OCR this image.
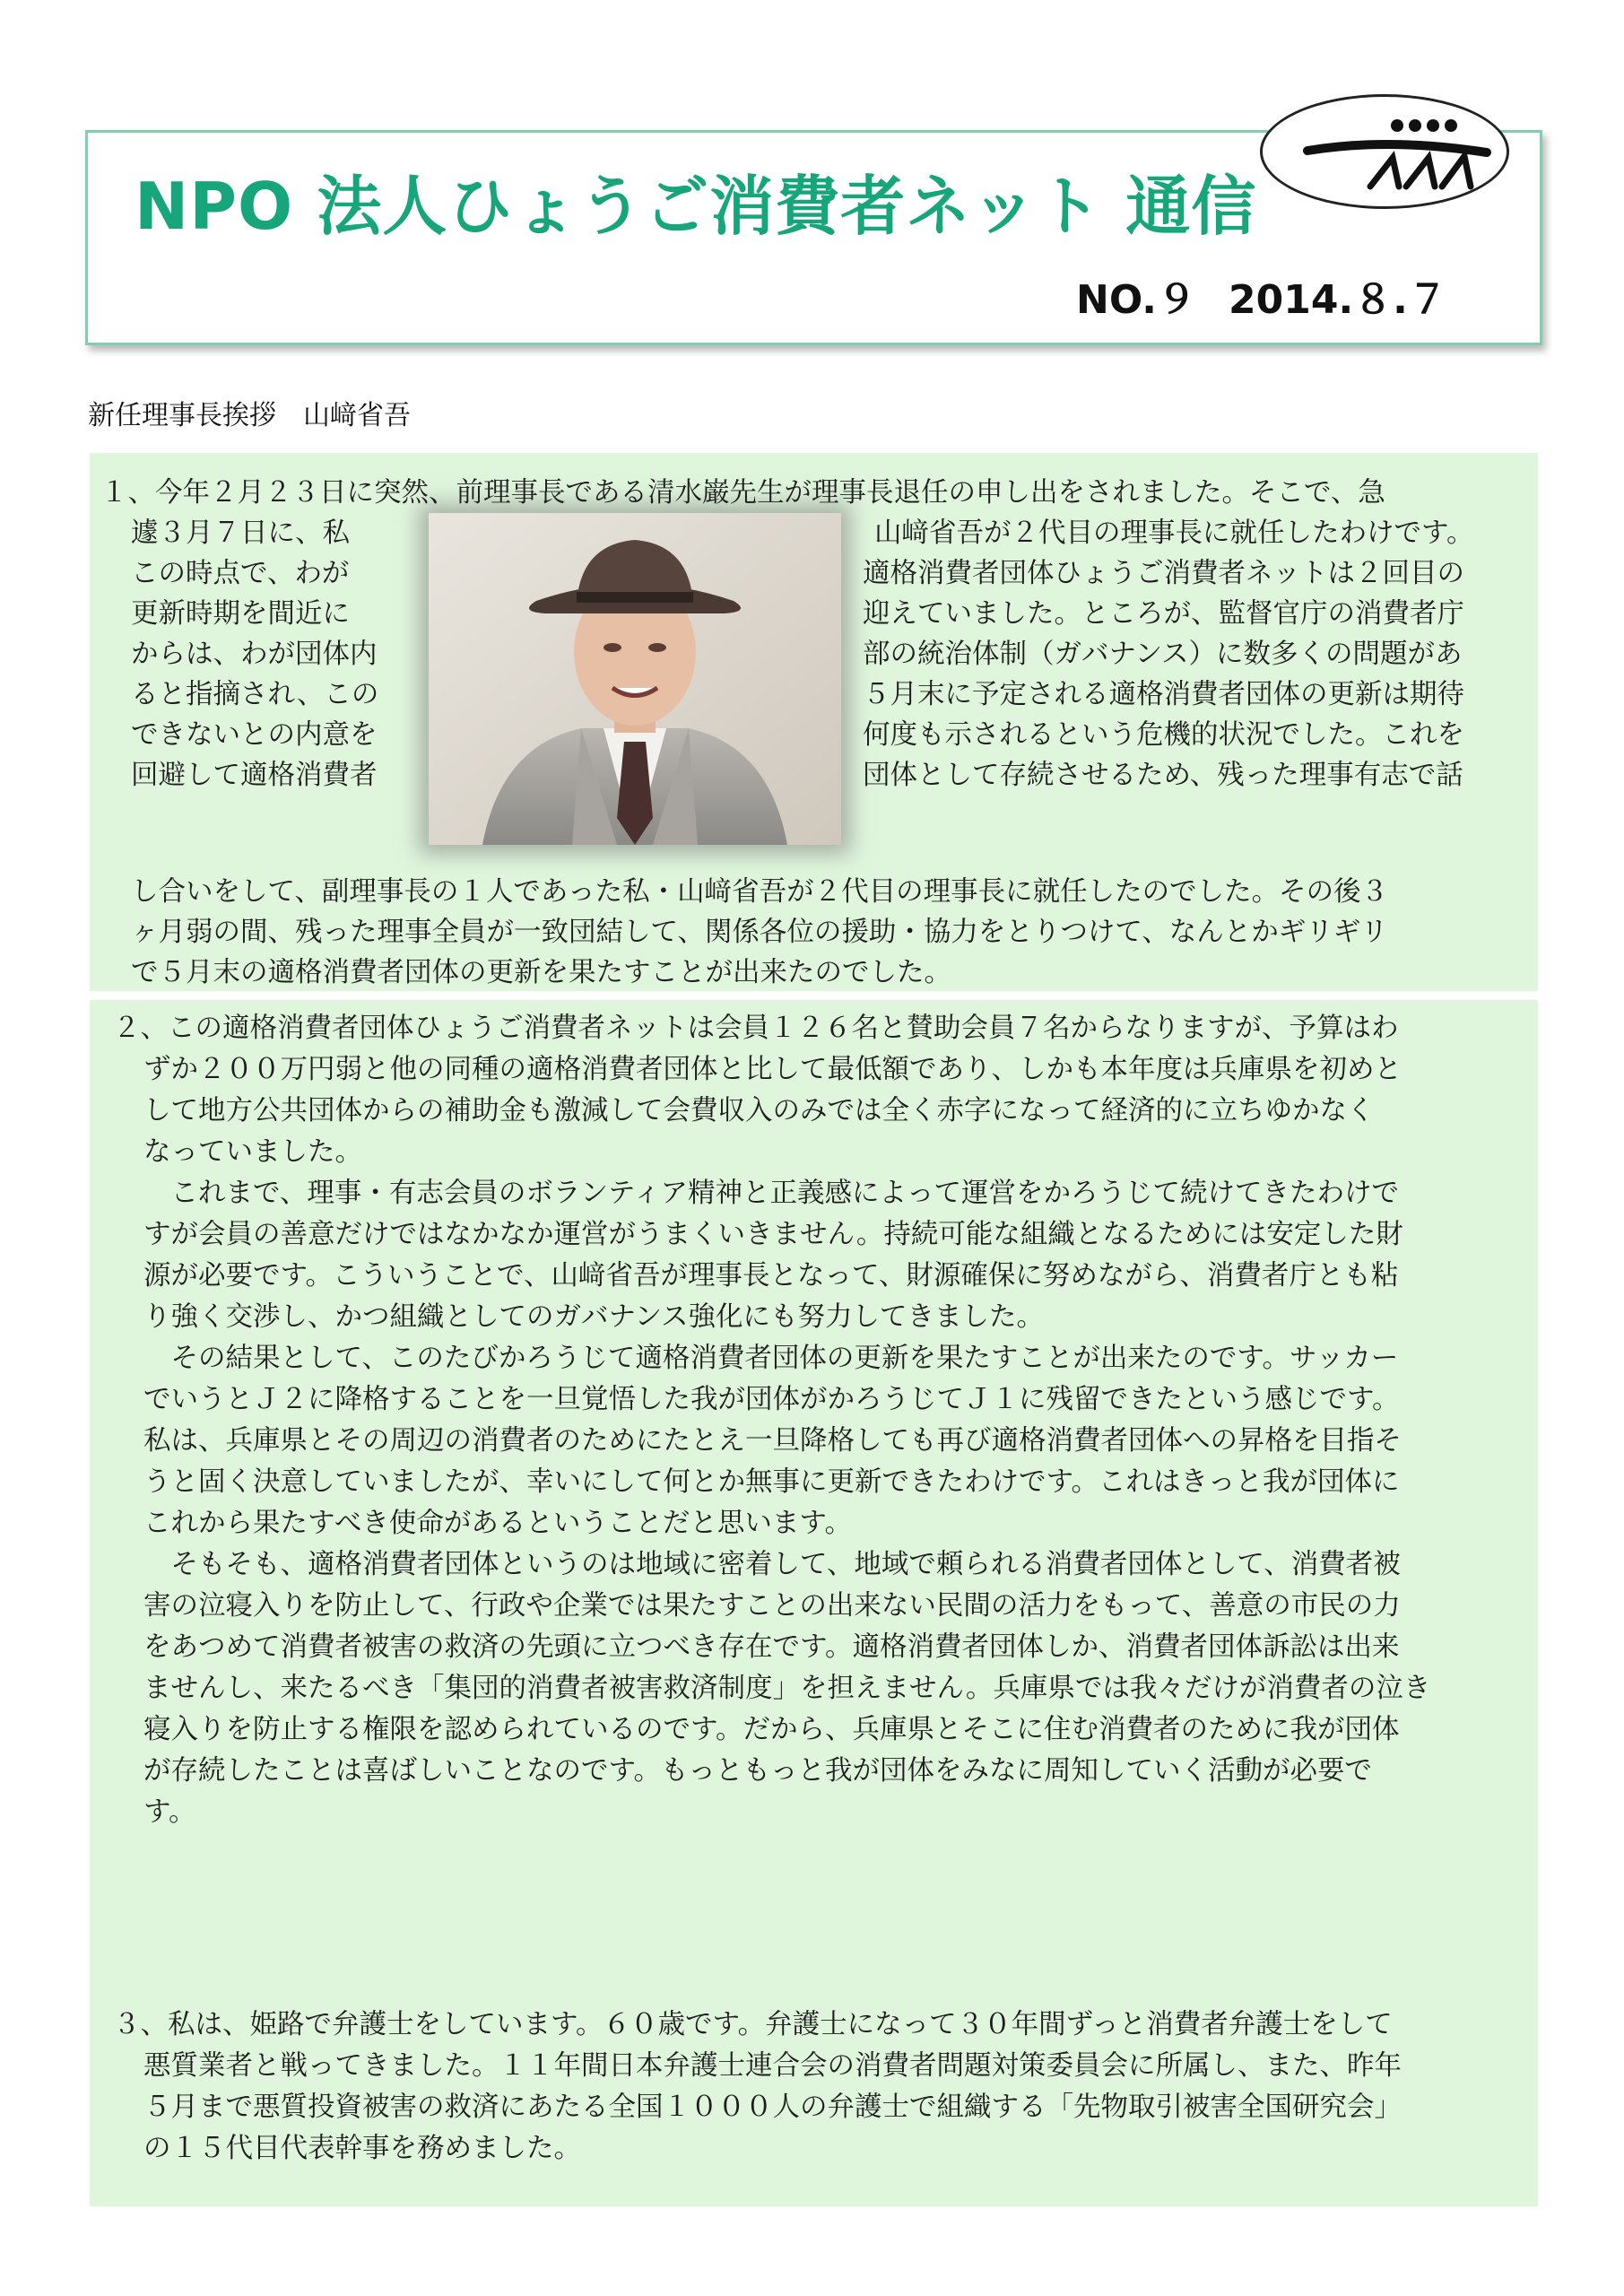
NPO 法人ひょうご消費者ネット 通信
NO.９ 2014.８.７
新任理事長挨拶　山﨑省吾
１、今年２月２３日に突然、前理事長である清水巌先生が理事長退任の申し出をされました。そこで、急
遽３月７日に、私	山﨑省吾が２代目の理事長に就任したわけです。
この時点で、わが	適格消費者団体ひょうご消費者ネットは２回目の
更新時期を間近に	迎えていました。ところが、監督官庁の消費者庁
からは、わが団体内	部の統治体制（ガバナンス）に数多くの問題があ
ると指摘され、この	５月末に予定される適格消費者団体の更新は期待
できないとの内意を	何度も示されるという危機的状況でした。これを
回避して適格消費者	団体として存続させるため、残った理事有志で話
し合いをして、副理事長の１人であった私・山﨑省吾が２代目の理事長に就任したのでした。その後３
ヶ月弱の間、残った理事全員が一致団結して、関係各位の援助・協力をとりつけて、なんとかギリギリ
で５月末の適格消費者団体の更新を果たすことが出来たのでした。
２、この適格消費者団体ひょうご消費者ネットは会員１２６名と賛助会員７名からなりますが、予算はわ
ずか２００万円弱と他の同種の適格消費者団体と比して最低額であり、しかも本年度は兵庫県を初めと
して地方公共団体からの補助金も激減して会費収入のみでは全く赤字になって経済的に立ちゆかなく
なっていました。
　これまで、理事・有志会員のボランティア精神と正義感によって運営をかろうじて続けてきたわけで
すが会員の善意だけではなかなか運営がうまくいきません。持続可能な組織となるためには安定した財
源が必要です。こういうことで、山﨑省吾が理事長となって、財源確保に努めながら、消費者庁とも粘
り強く交渉し、かつ組織としてのガバナンス強化にも努力してきました。
　その結果として、このたびかろうじて適格消費者団体の更新を果たすことが出来たのです。サッカー
でいうとＪ２に降格することを一旦覚悟した我が団体がかろうじてＪ１に残留できたという感じです。
私は、兵庫県とその周辺の消費者のためにたとえ一旦降格しても再び適格消費者団体への昇格を目指そ
うと固く決意していましたが、幸いにして何とか無事に更新できたわけです。これはきっと我が団体に
これから果たすべき使命があるということだと思います。
　そもそも、適格消費者団体というのは地域に密着して、地域で頼られる消費者団体として、消費者被
害の泣寝入りを防止して、行政や企業では果たすことの出来ない民間の活力をもって、善意の市民の力
をあつめて消費者被害の救済の先頭に立つべき存在です。適格消費者団体しか、消費者団体訴訟は出来
ませんし、来たるべき「集団的消費者被害救済制度」を担えません。兵庫県では我々だけが消費者の泣き
寝入りを防止する権限を認められているのです。だから、兵庫県とそこに住む消費者のために我が団体
が存続したことは喜ばしいことなのです。もっともっと我が団体をみなに周知していく活動が必要で
す。
３、私は、姫路で弁護士をしています。６０歳です。弁護士になって３０年間ずっと消費者弁護士をして
悪質業者と戦ってきました。１１年間日本弁護士連合会の消費者問題対策委員会に所属し、また、昨年
５月まで悪質投資被害の救済にあたる全国１０００人の弁護士で組織する「先物取引被害全国研究会」
の１５代目代表幹事を務めました。
